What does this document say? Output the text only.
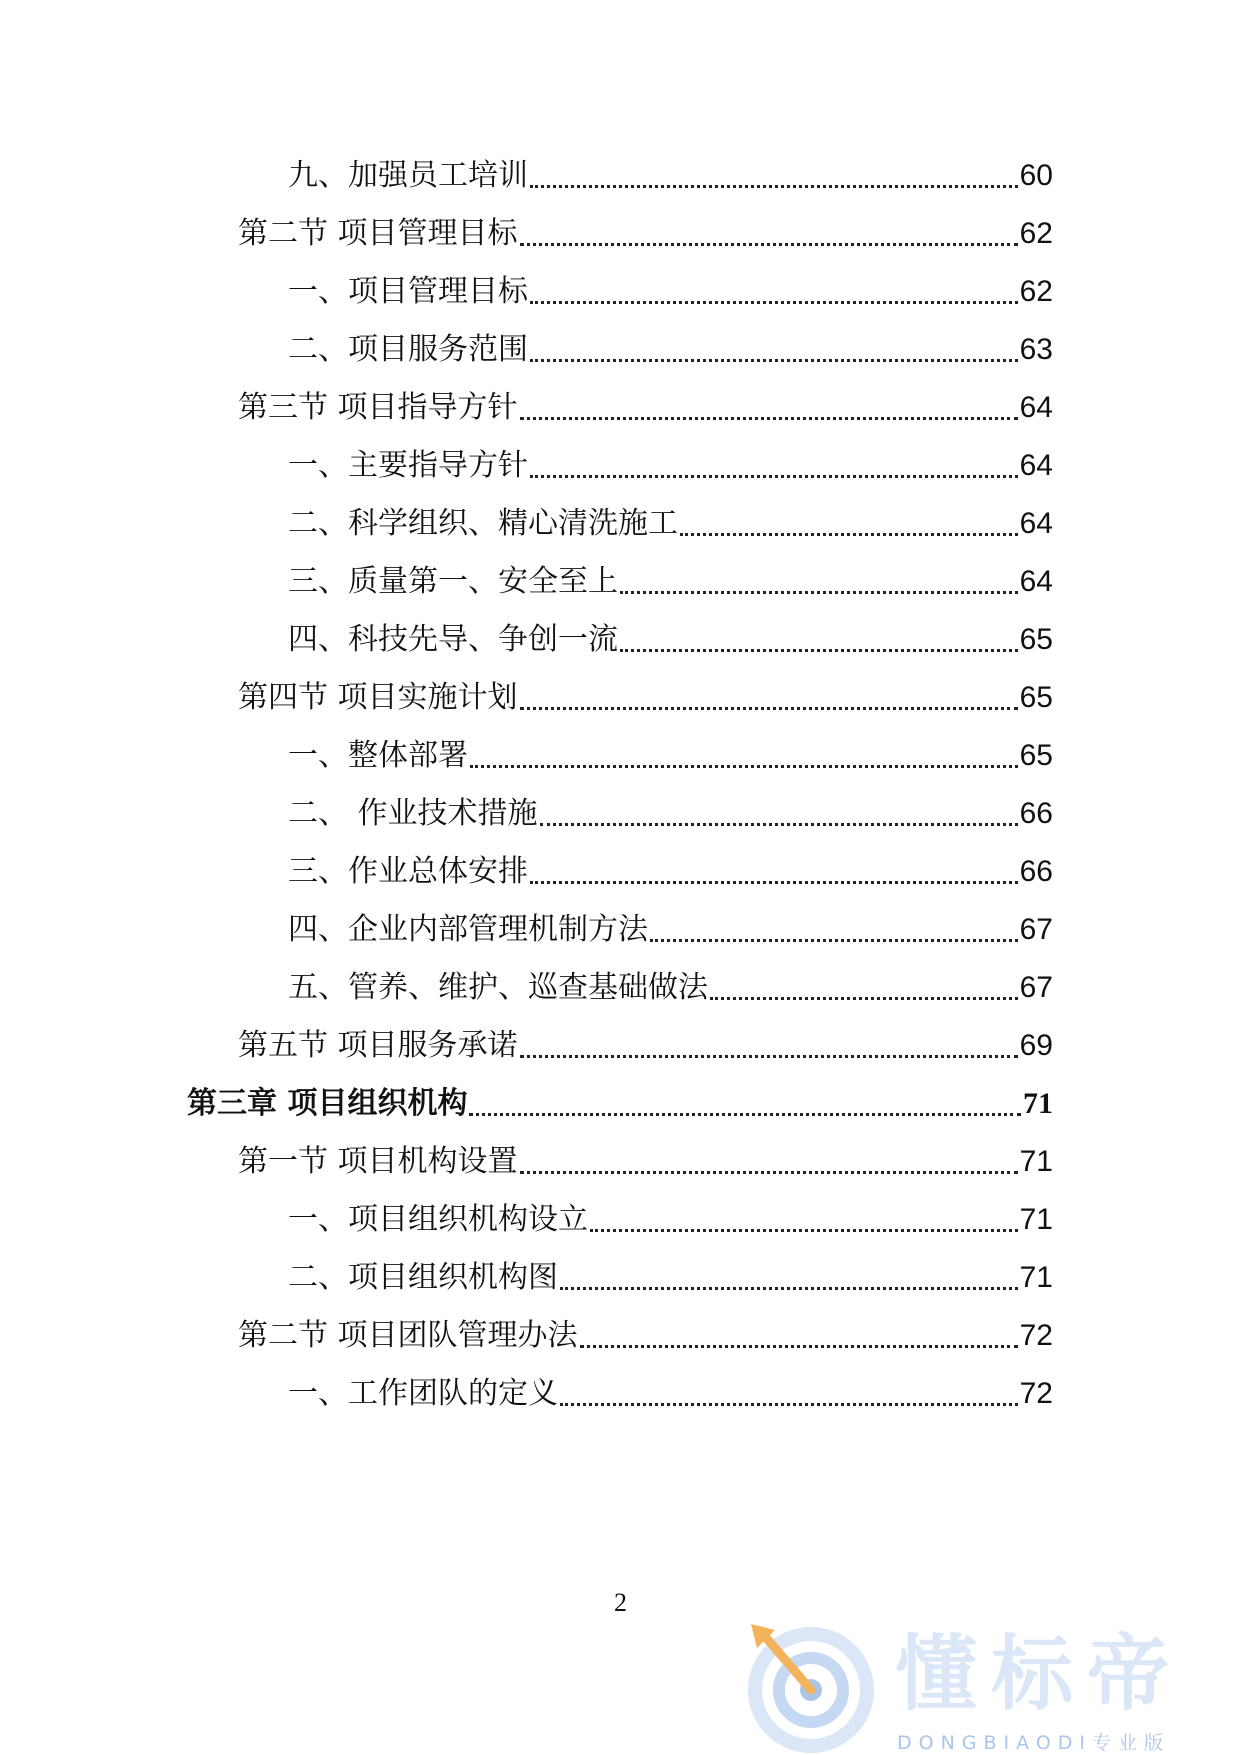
九、加强员工培训	60
第二节 项目管理目标	62
一、项目管理目标	62
二、项目服务范围	63
第三节 项目指导方针	64
一、主要指导方针	64
二、科学组织、精心清洗施工	64
三、质量第一、安全至上	64
四、科技先导、争创一流	65
第四节 项目实施计划	65
一、整体部署	65
二、 作业技术措施	66
三、作业总体安排	66
四、企业内部管理机制方法	67
五、管养、维护、巡查基础做法	67
第五节 项目服务承诺	69
第三章 项目组织机构	71
第一节 项目机构设置	71
一、项目组织机构设立	71
二、项目组织机构图	71
第二节 项目团队管理办法	72
一、工作团队的定义	72
2
懂标帝
DONGBIAODI专业版
